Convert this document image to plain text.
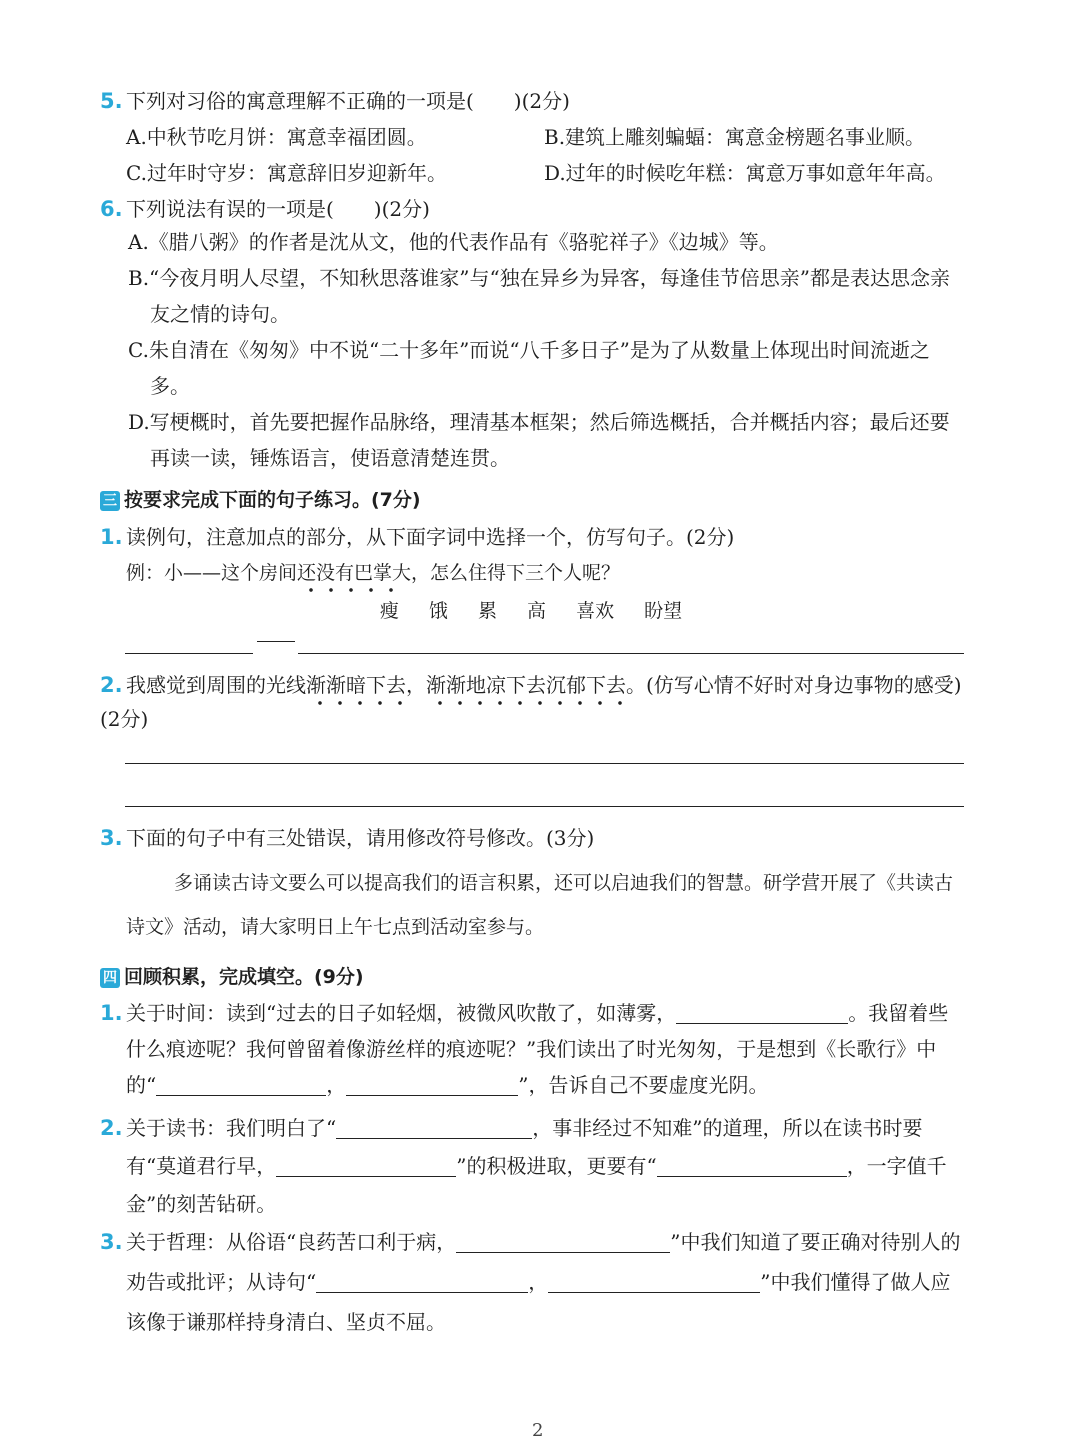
5. 下列对习俗的寓意理解不正确的一项是(　　)(2分)
A.中秋节吃月饼：寓意幸福团圆。	B.建筑上雕刻蝙蝠：寓意金榜题名事业顺。
C.过年时守岁：寓意辞旧岁迎新年。	D.过年的时候吃年糕：寓意万事如意年年高。
6. 下列说法有误的一项是(　　)(2分)
A.《腊八粥》的作者是沈从文，他的代表作品有《骆驼祥子》《边城》等。
B.“今夜月明人尽望，不知秋思落谁家”与“独在异乡为异客，每逢佳节倍思亲”都是表达思念亲友之情的诗句。
C.朱自清在《匆匆》中不说“二十多年”而说“八千多日子”是为了从数量上体现出时间流逝之多。
D.写梗概时，首先要把握作品脉络，理清基本框架；然后筛选概括，合并概括内容；最后还要再读一读，锤炼语言，使语意清楚连贯。
三 按要求完成下面的句子练习。(7分)
1. 读例句，注意加点的部分，从下面字词中选择一个，仿写句子。(2分)
例：小——这个房间还没有巴掌大，怎么住得下三个人呢？
瘦 饿 累 高 喜欢 盼望
2. 我感觉到周围的光线渐渐暗下去，渐渐地凉下去沉郁下去。(仿写心情不好时对身边事物的感受)(2分)
3. 下面的句子中有三处错误，请用修改符号修改。(3分)
多诵读古诗文要么可以提高我们的语言积累，还可以启迪我们的智慧。研学营开展了《共读古诗文》活动，请大家明日上午七点到活动室参与。
四 回顾积累，完成填空。(9分)
1. 关于时间：读到“过去的日子如轻烟，被微风吹散了，如薄雾，	。我留着些什么痕迹呢？我何曾留着像游丝样的痕迹呢？”我们读出了时光匆匆，于是想到《长歌行》中的“	，	”，告诉自己不要虚度光阴。
2. 关于读书：我们明白了“	，事非经过不知难”的道理，所以在读书时要有“莫道君行早，	”的积极进取，更要有“	，一字值千金”的刻苦钻研。
3. 关于哲理：从俗语“良药苦口利于病，	”中我们知道了要正确对待别人的劝告或批评；从诗句“	，	”中我们懂得了做人应该像于谦那样持身清白、坚贞不屈。
2
